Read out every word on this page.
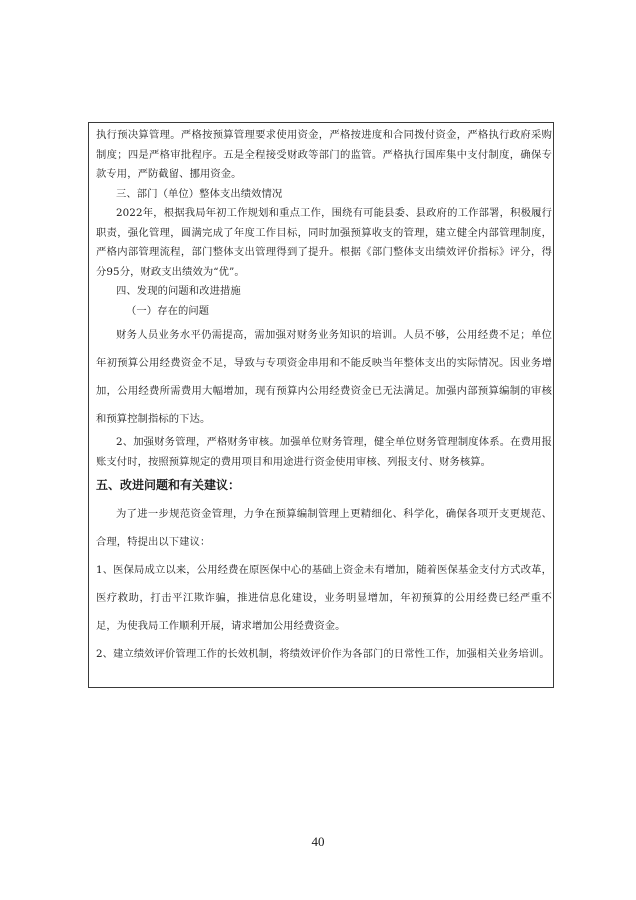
执行预决算管理。严格按预算管理要求使用资金，严格按进度和合同拨付资金，严格执行政府采购制度；四是严格审批程序。五是全程接受财政等部门的监管。严格执行国库集中支付制度，确保专款专用，严防截留、挪用资金。

三、部门（单位）整体支出绩效情况

2022年，根据我局年初工作规划和重点工作，围绕有可能县委、县政府的工作部署，积极履行职责，强化管理，圆满完成了年度工作目标，同时加强预算收支的管理，建立健全内部管理制度，严格内部管理流程，部门整体支出管理得到了提升。根据《部门整体支出绩效评价指标》评分，得分95分，财政支出绩效为“优”。

四、发现的问题和改进措施

（一）存在的问题

财务人员业务水平仍需提高，需加强对财务业务知识的培训。人员不够，公用经费不足；单位年初预算公用经费资金不足，导致与专项资金串用和不能反映当年整体支出的实际情况。因业务增加，公用经费所需费用大幅增加，现有预算内公用经费资金已无法满足。加强内部预算编制的审核和预算控制指标的下达。

2、加强财务管理，严格财务审核。加强单位财务管理，健全单位财务管理制度体系。在费用报账支付时，按照预算规定的费用项目和用途进行资金使用审核、列报支付、财务核算。

五、改进问题和有关建议：

为了进一步规范资金管理，力争在预算编制管理上更精细化、科学化，确保各项开支更规范、合理，特提出以下建议：

1、医保局成立以来，公用经费在原医保中心的基础上资金未有增加，随着医保基金支付方式改革，医疗救助，打击平江欺诈骗，推进信息化建设，业务明显增加，年初预算的公用经费已经严重不足，为使我局工作顺利开展，请求增加公用经费资金。

2、建立绩效评价管理工作的长效机制，将绩效评价作为各部门的日常性工作，加强相关业务培训。

40
